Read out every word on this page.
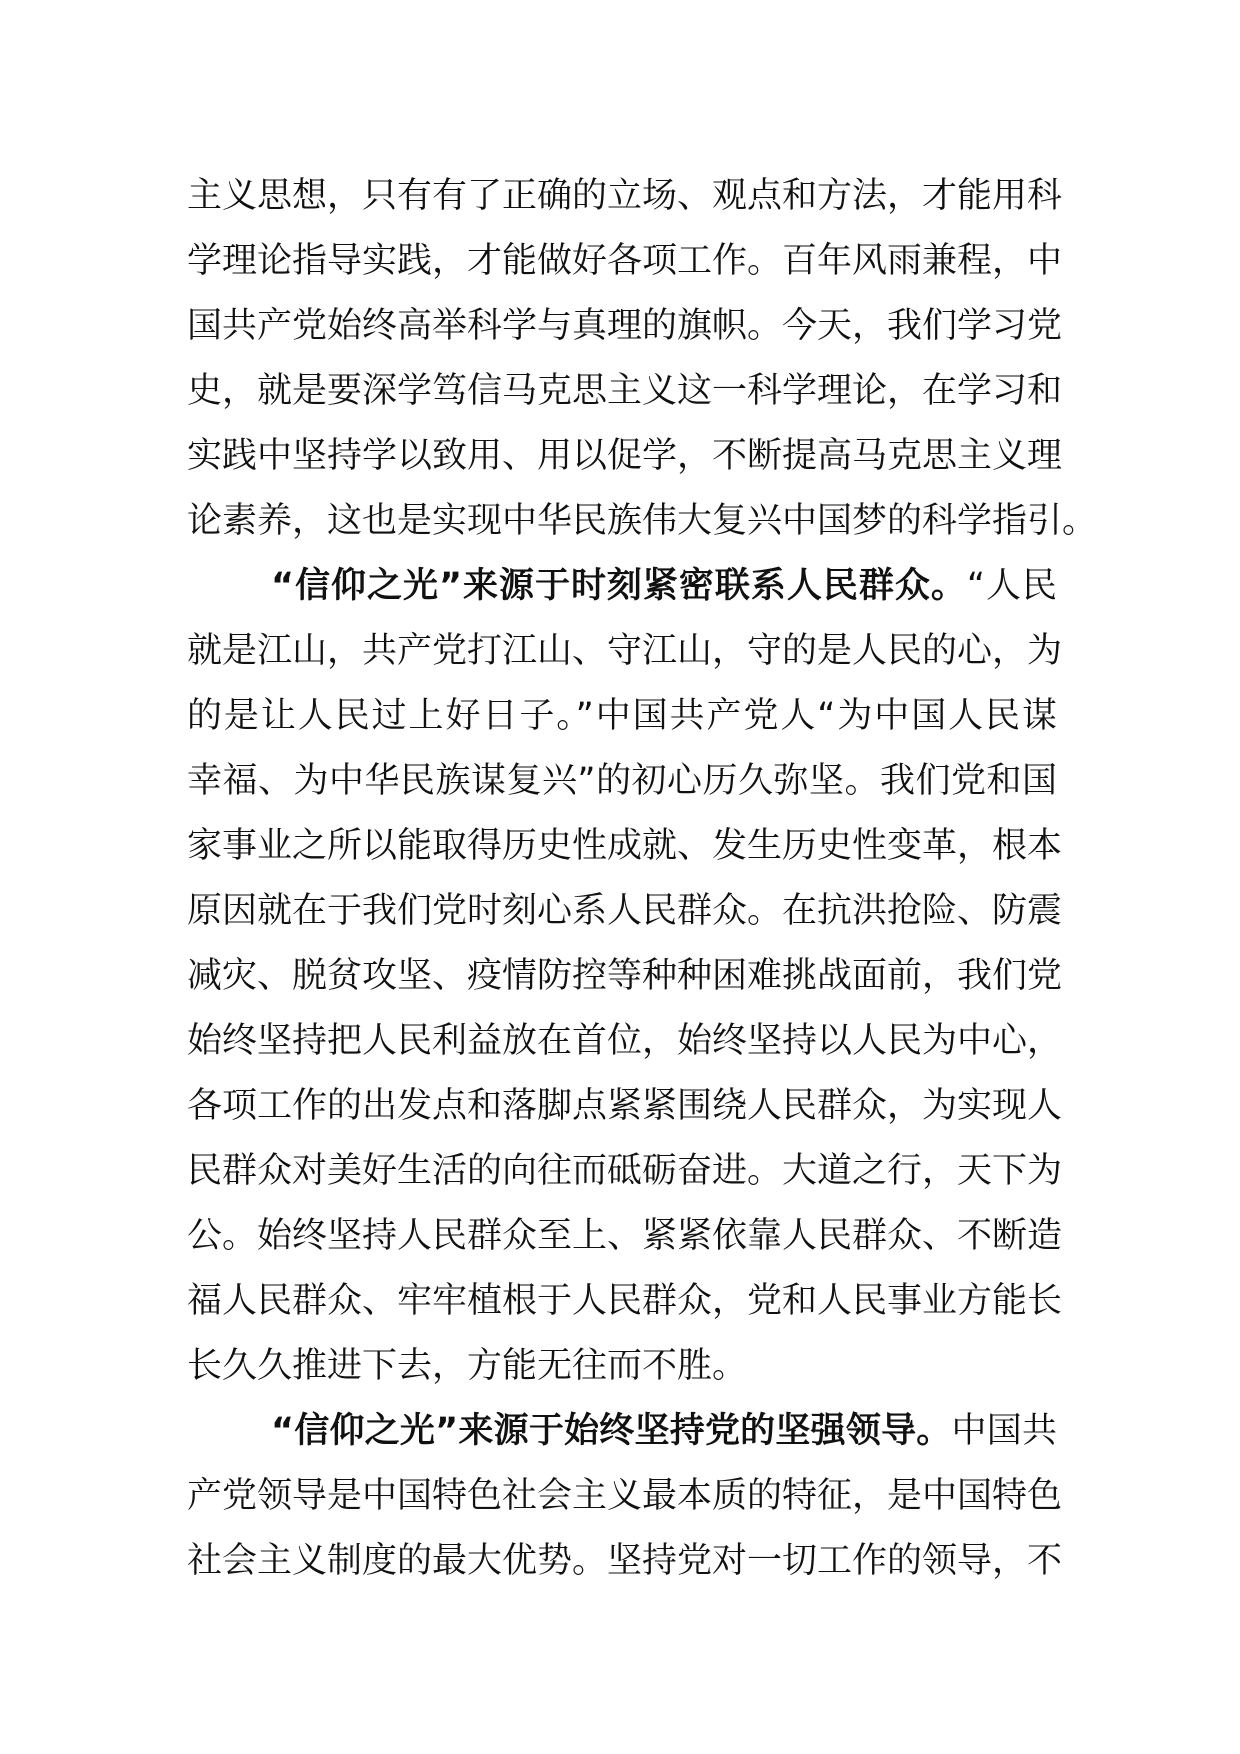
主义思想，只有有了正确的立场、观点和方法，才能用科
学理论指导实践，才能做好各项工作。百年风雨兼程，中
国共产党始终高举科学与真理的旗帜。今天，我们学习党
史，就是要深学笃信马克思主义这一科学理论，在学习和
实践中坚持学以致用、用以促学，不断提高马克思主义理
论素养，这也是实现中华民族伟大复兴中国梦的科学指引。
“信仰之光”来源于时刻紧密联系人民群众。“人民
就是江山，共产党打江山、守江山，守的是人民的心，为
的是让人民过上好日子。”中国共产党人“为中国人民谋
幸福、为中华民族谋复兴”的初心历久弥坚。我们党和国
家事业之所以能取得历史性成就、发生历史性变革，根本
原因就在于我们党时刻心系人民群众。在抗洪抢险、防震
减灾、脱贫攻坚、疫情防控等种种困难挑战面前，我们党
始终坚持把人民利益放在首位，始终坚持以人民为中心，
各项工作的出发点和落脚点紧紧围绕人民群众，为实现人
民群众对美好生活的向往而砥砺奋进。大道之行，天下为
公。始终坚持人民群众至上、紧紧依靠人民群众、不断造
福人民群众、牢牢植根于人民群众，党和人民事业方能长
长久久推进下去，方能无往而不胜。
“信仰之光”来源于始终坚持党的坚强领导。中国共
产党领导是中国特色社会主义最本质的特征，是中国特色
社会主义制度的最大优势。坚持党对一切工作的领导，不
